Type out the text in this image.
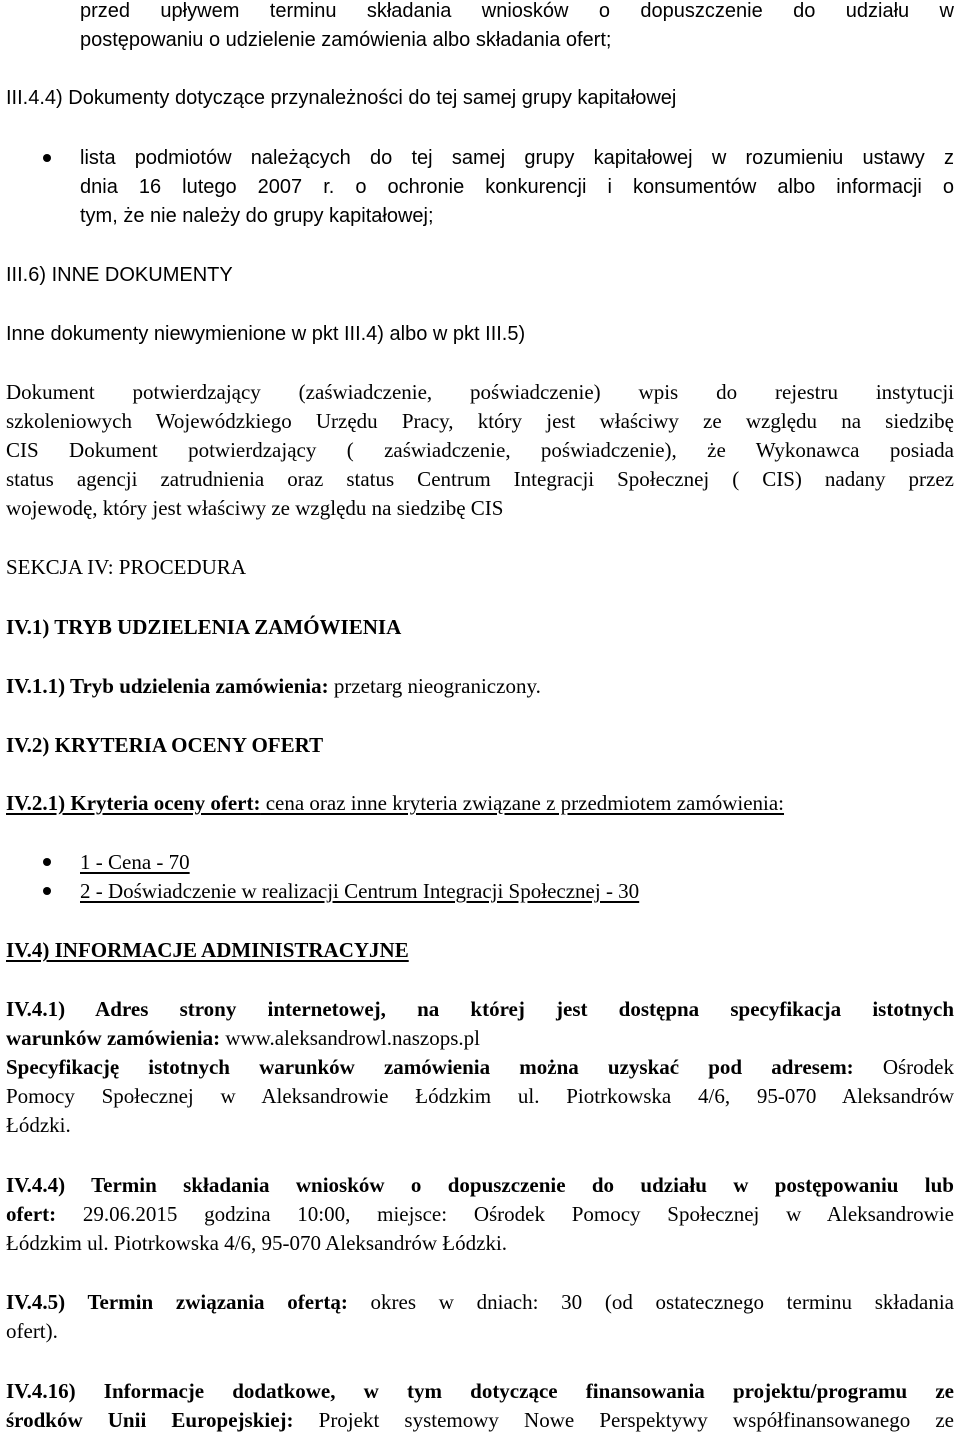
przed upływem terminu składania wniosków o dopuszczenie do udziału w
postępowaniu o udzielenie zamówienia albo składania ofert;
III.4.4) Dokumenty dotyczące przynależności do tej samej grupy kapitałowej
lista podmiotów należących do tej samej grupy kapitałowej w rozumieniu ustawy z
dnia 16 lutego 2007 r. o ochronie konkurencji i konsumentów albo informacji o
tym, że nie należy do grupy kapitałowej;
III.6) INNE DOKUMENTY
Inne dokumenty niewymienione w pkt III.4) albo w pkt III.5)
Dokument potwierdzający (zaświadczenie, poświadczenie) wpis do rejestru instytucji
szkoleniowych Wojewódzkiego Urzędu Pracy, który jest właściwy ze względu na siedzibę
CIS Dokument potwierdzający ( zaświadczenie, poświadczenie), że Wykonawca posiada
status agencji zatrudnienia oraz status Centrum Integracji Społecznej ( CIS) nadany przez
wojewodę, który jest właściwy ze względu na siedzibę CIS
SEKCJA IV: PROCEDURA
IV.1) TRYB UDZIELENIA ZAMÓWIENIA
IV.1.1) Tryb udzielenia zamówienia: przetarg nieograniczony.
IV.2) KRYTERIA OCENY OFERT
IV.2.1) Kryteria oceny ofert: cena oraz inne kryteria związane z przedmiotem zamówienia:
1 - Cena - 70
2 - Doświadczenie w realizacji Centrum Integracji Społecznej - 30
IV.4) INFORMACJE ADMINISTRACYJNE
IV.4.1) Adres strony internetowej, na której jest dostępna specyfikacja istotnych
warunków zamówienia: www.aleksandrowl.naszops.pl
Specyfikację istotnych warunków zamówienia można uzyskać pod adresem: Ośrodek
Pomocy Społecznej w Aleksandrowie Łódzkim ul. Piotrkowska 4/6, 95-070 Aleksandrów
Łódzki.
IV.4.4) Termin składania wniosków o dopuszczenie do udziału w postępowaniu lub
ofert: 29.06.2015 godzina 10:00, miejsce: Ośrodek Pomocy Społecznej w Aleksandrowie
Łódzkim ul. Piotrkowska 4/6, 95-070 Aleksandrów Łódzki.
IV.4.5) Termin związania ofertą: okres w dniach: 30 (od ostatecznego terminu składania
ofert).
IV.4.16) Informacje dodatkowe, w tym dotyczące finansowania projektu/programu ze
środków Unii Europejskiej: Projekt systemowy Nowe Perspektywy współfinansowanego ze
